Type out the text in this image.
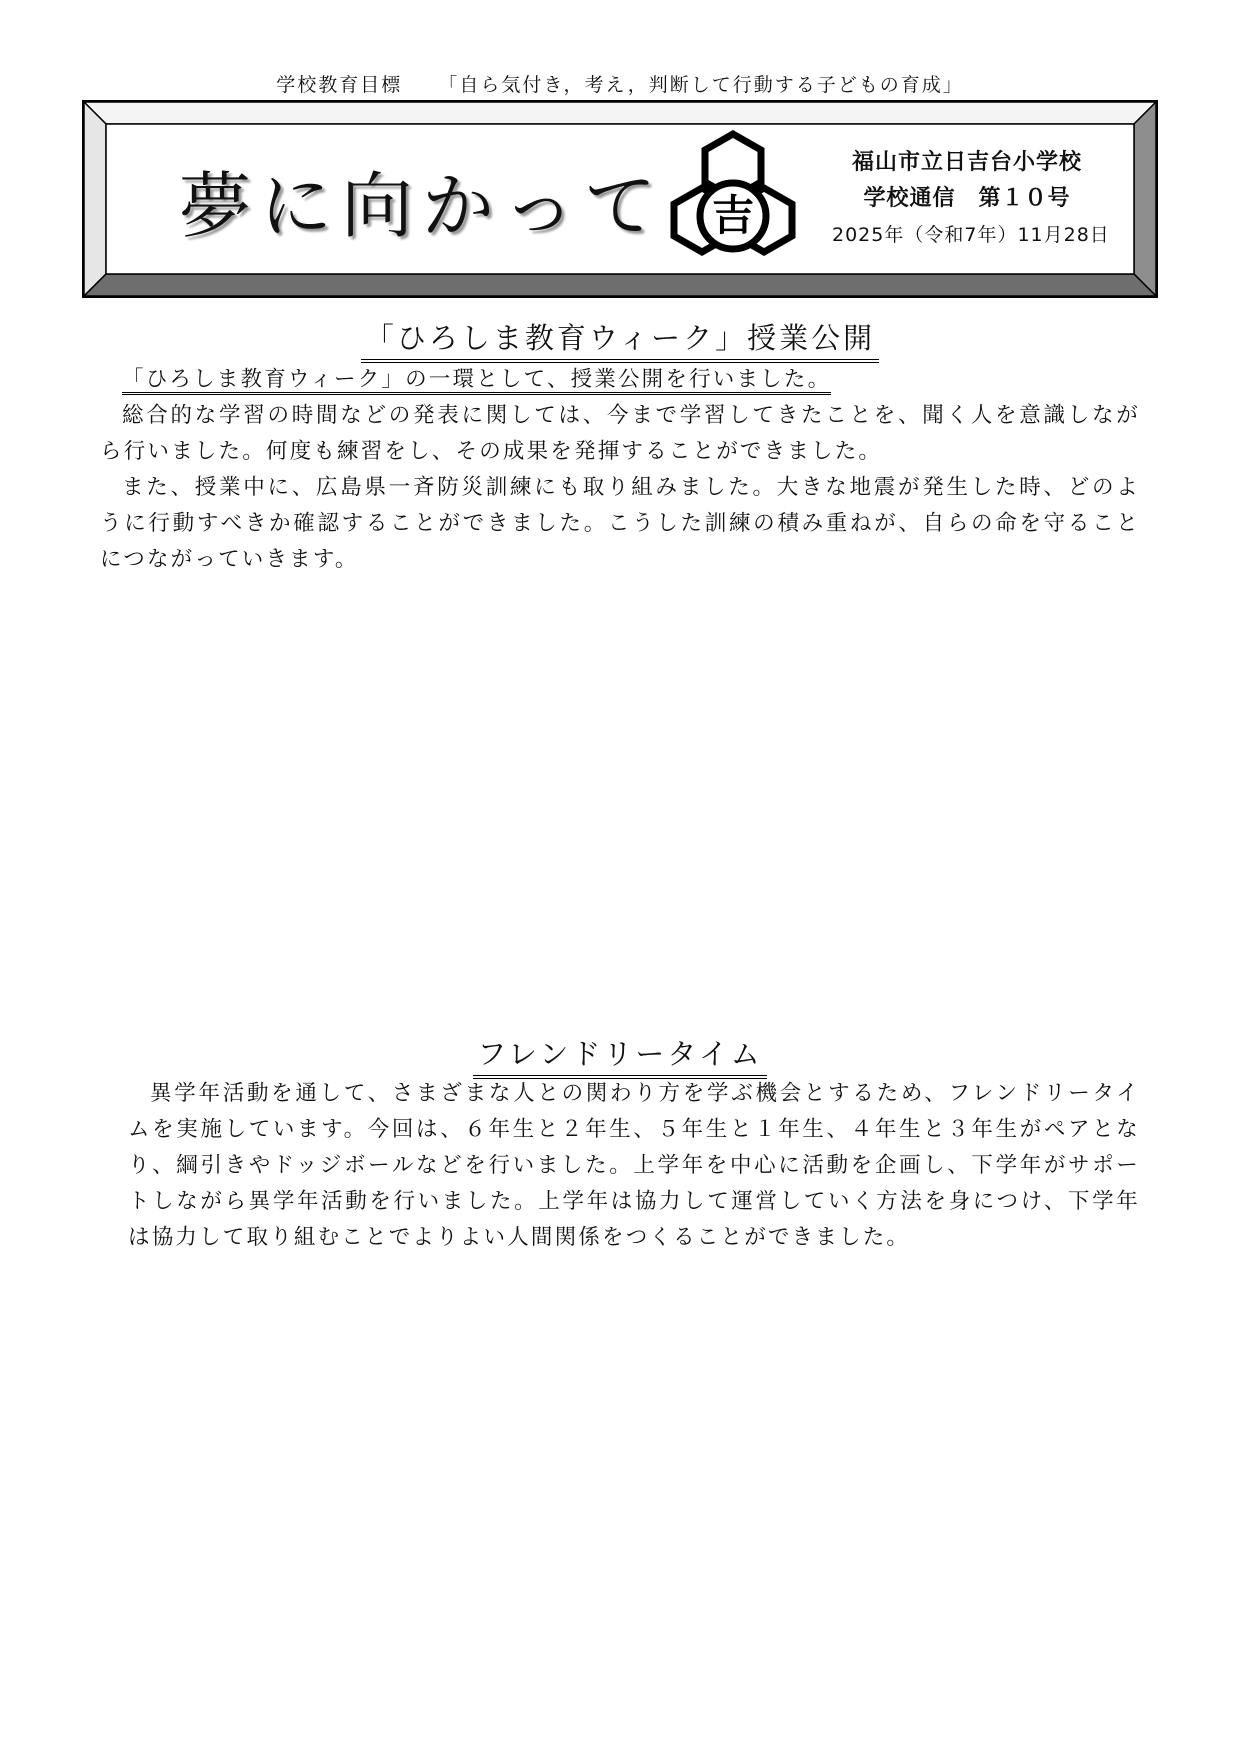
学校教育目標 「自ら気付き，考え，判断して行動する子どもの育成」
夢に向かって 吉
福山市立日吉台小学校
学校通信　第１０号
2025年（令和7年）11月28日
「ひろしま教育ウィーク」授業公開

「ひろしま教育ウィーク」の一環として、授業公開を行いました。

総合的な学習の時間などの発表に関しては、今まで学習してきたことを、聞く人を意識しながら行いました。何度も練習をし、その成果を発揮することができました。

また、授業中に、広島県一斉防災訓練にも取り組みました。大きな地震が発生した時、どのように行動すべきか確認することができました。こうした訓練の積み重ねが、自らの命を守ることにつながっていきます。

フレンドリータイム

異学年活動を通して、さまざまな人との関わり方を学ぶ機会とするため、フレンドリータイムを実施しています。今回は、６年生と２年生、５年生と１年生、４年生と３年生がペアとなり、綱引きやドッジボールなどを行いました。上学年を中心に活動を企画し、下学年がサポートしながら異学年活動を行いました。上学年は協力して運営していく方法を身につけ、下学年は協力して取り組むことでよりよい人間関係をつくることができました。
